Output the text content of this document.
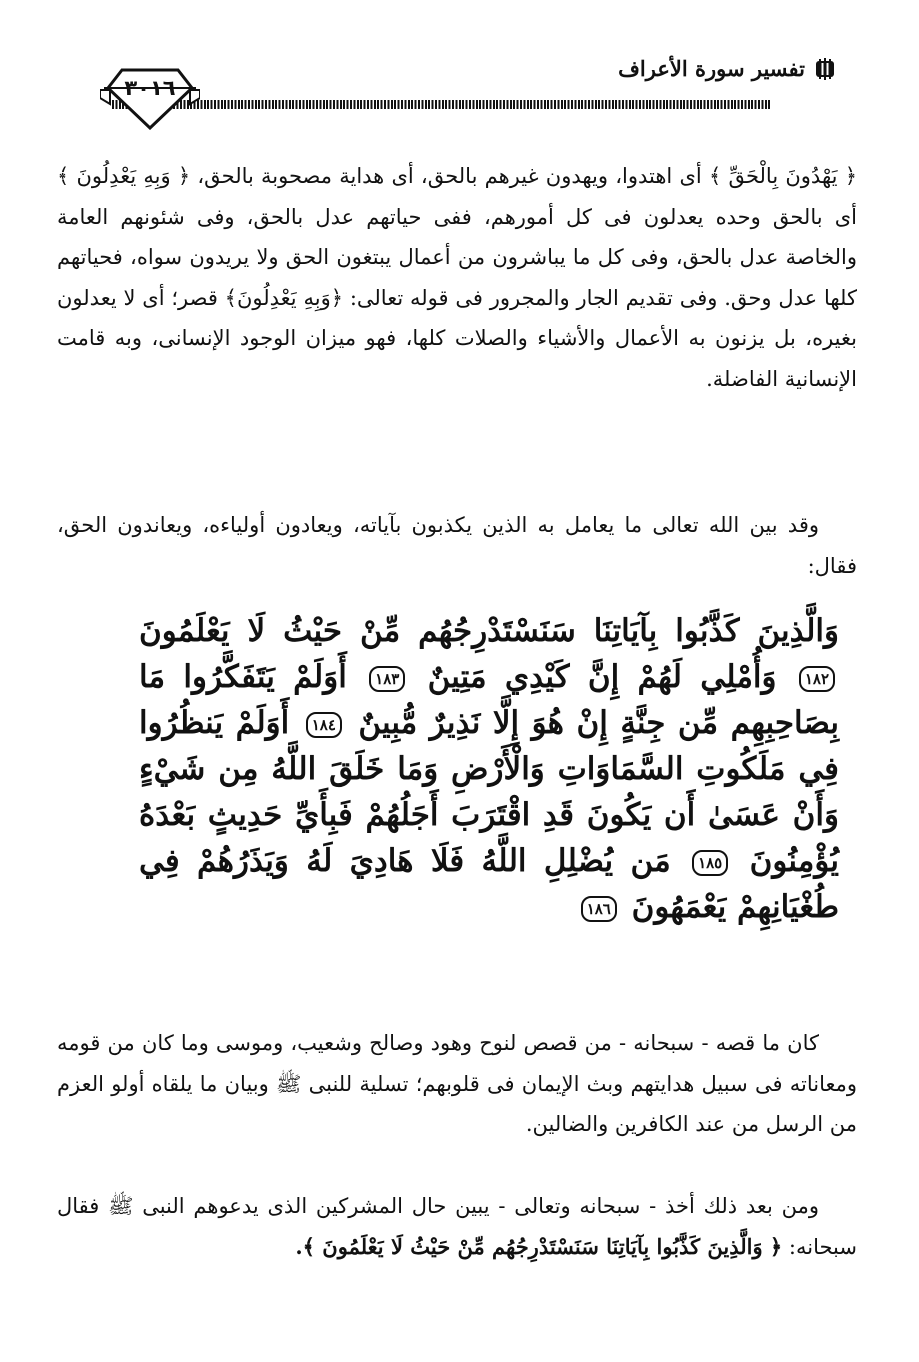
تفسير سورة الأعراف
٣٠١٦

﴿ يَهْدُونَ بِالْحَقِّ ﴾ أى اهتدوا، ويهدون غيرهم بالحق، أى هداية مصحوبة بالحق، ﴿ وَبِهِ يَعْدِلُونَ ﴾ أى بالحق وحده يعدلون فى كل أمورهم، ففى حياتهم عدل بالحق، وفى شئونهم العامة والخاصة عدل بالحق، وفى كل ما يباشرون من أعمال يبتغون الحق ولا يريدون سواه، فحياتهم كلها عدل وحق. وفى تقديم الجار والمجرور فى قوله تعالى: ﴿وَبِهِ يَعْدِلُونَ﴾ قصر؛ أى لا يعدلون بغيره، بل يزنون به الأعمال والأشياء والصلات كلها، فهو ميزان الوجود الإنسانى، وبه قامت الإنسانية الفاضلة.

وقد بين الله تعالى ما يعامل به الذين يكذبون بآياته، ويعادون أولياءه، ويعاندون الحق، فقال:

وَالَّذِينَ كَذَّبُوا بِآيَاتِنَا سَنَسْتَدْرِجُهُم مِّنْ حَيْثُ لَا يَعْلَمُونَ ١٨٢ وَأُمْلِي لَهُمْ إِنَّ كَيْدِي مَتِينٌ ١٨٣ أَوَلَمْ يَتَفَكَّرُوا مَا بِصَاحِبِهِم مِّن جِنَّةٍ إِنْ هُوَ إِلَّا نَذِيرٌ مُّبِينٌ ١٨٤ أَوَلَمْ يَنظُرُوا فِي مَلَكُوتِ السَّمَاوَاتِ وَالْأَرْضِ وَمَا خَلَقَ اللَّهُ مِن شَيْءٍ وَأَنْ عَسَىٰ أَن يَكُونَ قَدِ اقْتَرَبَ أَجَلُهُمْ فَبِأَيِّ حَدِيثٍ بَعْدَهُ يُؤْمِنُونَ ١٨٥ مَن يُضْلِلِ اللَّهُ فَلَا هَادِيَ لَهُ وَيَذَرُهُمْ فِي طُغْيَانِهِمْ يَعْمَهُونَ ١٨٦

كان ما قصه - سبحانه - من قصص لنوح وهود وصالح وشعيب، وموسى وما كان من قومه ومعاناته فى سبيل هدايتهم وبث الإيمان فى قلوبهم؛ تسلية للنبى ﷺ وبيان ما يلقاه أولو العزم من الرسل من عند الكافرين والضالين.

ومن بعد ذلك أخذ - سبحانه وتعالى - يبين حال المشركين الذى يدعوهم النبى ﷺ فقال سبحانه: ﴿ وَالَّذِينَ كَذَّبُوا بِآيَاتِنَا سَنَسْتَدْرِجُهُم مِّنْ حَيْثُ لَا يَعْلَمُونَ ﴾.
